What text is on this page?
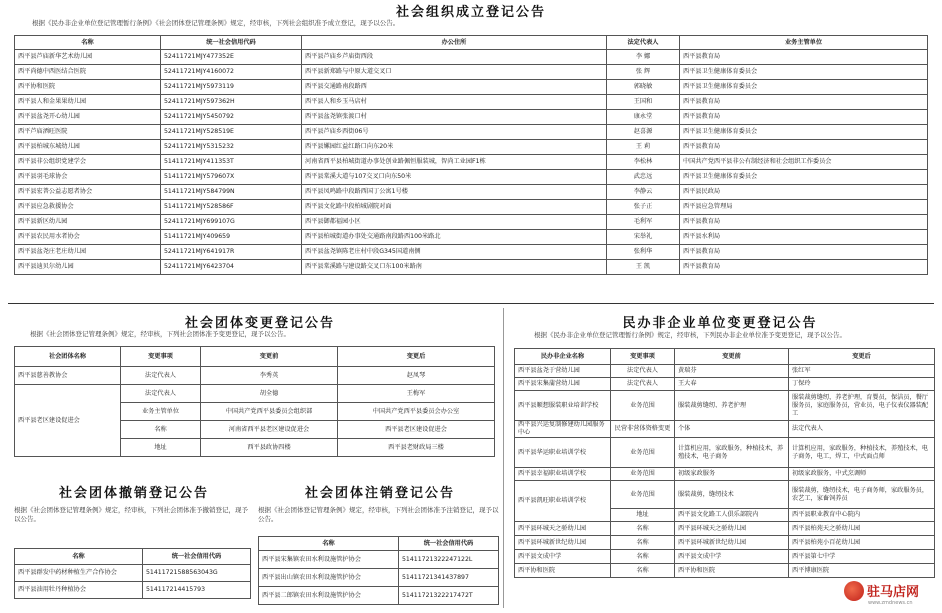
社会组织成立登记公告
根据《民办非企业单位登记管理暂行条例》《社会团体登记管理条例》规定，经审核，下列社会组织准予成立登记，现予以公告。
名称	统一社会信用代码	办公住所	法定代表人	业务主管单位
西平县芦庙新华艺术幼儿园	52411721MJY477352E	西平县芦庙乡芦庙街西段	李 娜	西平县教育局
西平尚德中西医结合医院	52411721MJY4160072	西平县新郑路与中原大道交叉口	张 辉	西平县卫生健康体育委员会
西平协和医院	52411721MJY5973119	西平县交通路南段路西	郭晓敏	西平县卫生健康体育委员会
西平县人和金果果幼儿园	52411721MJY597362H	西平县人和乡玉马店村	王国和	西平县教育局
西平县盆尧开心幼儿园	52411721MJY5450792	西平县盆尧镇张渡口村	康永堂	西平县教育局
西平芦庙洒旺医院	52411721MJY528519E	西平县芦庙乡西街06号	赵喜源	西平县卫生健康体育委员会
西平县柏城东城幼儿园	52411721MJY5315232	西平县嫘园红益红路口向东20米	王 莉	西平县教育局
西平县非公组织党建学会	51411721MJY411353T	河南省西平县柏城街道办事处创业路佩恒服装城，智尚工业园F1栋	李松林	中国共产党西平县非公有制经济和社会组织工作委员会
西平县羽毛球协会	51411721MJY579607X	西平县棠溪大道与107交叉口向东50米	武忠远	西平县卫生健康体育委员会
西平县宏普公益志愿者协会	51411721MJY584799N	西平县凤鸣路中段路西国丁公寓1号楼	李静云	西平县民政局
西平县应急救援协会	51411721MJY528586F	西平县文化路中段柏城剧院对面	张子正	西平县应急管理局
西平县新区幼儿园	52411721MJY699107G	西平县御都福园小区	毛利军	西平县教育局
西平县农民用水者协会	51411721MJY409659	西平县柏城街道办事处交通路南段路西100米路北	宋举礼	西平县水利局
西平县盆尧庄老庄幼儿园	52411721MJY641917R	西平县盆尧镇陈老庄村中段G345国道南侧	张利华	西平县教育局
西平县迪贝尔幼儿园	52411721MJY6423704	西平县棠溪路与建设路交叉口东100米路南	王 凯	西平县教育局
社会团体变更登记公告
根据《社会团体登记管理条例》规定，经审核，下列社会团体准予变更登记，现予以公告。
社会团体名称	变更事项	变更前	变更后
西平县慈善教协会	法定代表人	李秀英	赵凤琴
西平县老区建设促进会	法定代表人	胡全德	王梅军
	业务主管单位	中国共产党西平县委员会组织部	中国共产党西平县委员会办公室
	名称	河南省西平县老区建设促进会	西平县老区建设促进会
	地址	西平县政协四楼	西平县老财政局三楼
社会团体撤销登记公告
根据《社会团体登记管理条例》规定，经审核，下列社会团体准予撤销登记，现予以公告。
名称	统一社会信用代码
西平县群发中药材种植生产合作协会	51411721588563043G
西平县油用牡丹种植协会	514117214415793
社会团体注销登记公告
根据《社会团体登记管理条例》规定，经审核，下列社会团体准予注销登记，现予以公告。
名称	统一社会信用代码
西平县宋集镇农田水利设施管护协会	51411721322247122L
西平县出山镇农田水利设施管护协会	51411721341437897
西平县二郎镇农田水利设施管护协会	51411721322217472T
民办非企业单位变更登记公告
根据《民办非企业单位登记管理暂行条例》规定，经审核，下列民办非企业单位准予变更登记，现予以公告。
民办非企业名称	变更事项	变更前	变更后
西平县盆尧于营幼儿园	法定代表人	黄瑞芬	张红军
西平县宋集蒲营幼儿园	法定代表人	王大春	丁保玲
西平县顺想服装职业培训学校	业务范围	服装裁剪缝纫、养老护理	服装裁剪缝纫，养老护理，育婴员，保洁员，餐厅服务员，家庭服务员，营业员，电子仪表仪器装配工
西平县兴运复制修建幼儿园服务中心	民营非营体资格变更	个体	法定代表人
西平县华运职业培训学校	业务范围	计算机应用，家政服务，种植技术，养殖技术，电子商务	计算机应用，家政服务，种植技术，养殖技术，电子商务，电工，焊工，中式面点师
西平县幸福职业培训学校	业务范围	初级家政服务	初级家政服务，中式烹调师
西平县凯旺职业培训学校	业务范围	服装裁剪，缝纫技术	服装裁剪，缝纫技术，电子商务师，家政服务员，农艺工，家畜饲养员
	地址	西平县文化路工人俱乐部院内	西平县职业教育中心院内
西平县环城天之骄幼儿园	名称	西平县环城天之骄幼儿园	西平县柏苑天之骄幼儿园
西平县环城新世纪幼儿园	名称	西平县环城新世纪幼儿园	西平县柏苑小百花幼儿园
西平县文成中学	名称	西平县文成中学	西平县第七中学
西平协和医院	名称	西平协和医院	西平博康医院
驻马店网
www.zmdnews.cn
